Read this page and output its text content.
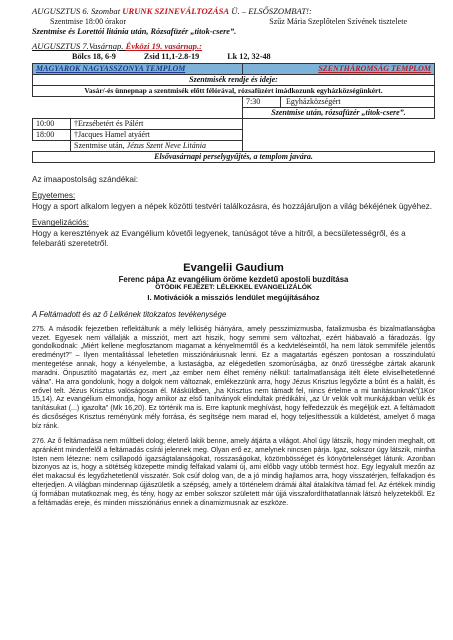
AUGUSZTUS 6. Szombat URUNK SZINEVÁLTOZÁSA Ü. – ELSŐSZOMBAT!:
Szentmise 18:00 órakor	Szűz Mária Szeplőtelen Szívének tisztelete
Szentmise és Lorettói litánia után, Rózsafüzér „titok-csere”.
AUGUSZTUS 7.Vasárnap. Évközi 19. vasárnap.:
Bölcs 18, 6-9	Zsid 11,1-2.8-19	Lk 12, 32-48
MAGYAROK NAGYASSZONYA TEMPLOM		SZENTHÁROMSÁG TEMPLOM
Szentmisék rendje és ideje:		
Vasár/-és ünnepnap a szentmisék előtt félórával, rózsafüzért imádkozunk egyházközségünkért.		
		7:30 Egyházközségért
		Szentmise után, rózsafüzér „titok-csere”.
10:00	†Erzsébetért és Pálért	
18:00	†Jacques Hamel atyáért	
	Szentmise után, Jézus Szent Neve Litánia	
Elsővasárnapi perselygyűjtés, a templom javára.		
Az imaapostolság szándékai:
Egyetemes:
Hogy a sport alkalom legyen a népek közötti testvéri találkozásra, és hozzájáruljon a világ békéjének ügyéhez.
Evangelizációs:
Hogy a keresztények az Evangélium követői legyenek, tanúságot téve a hitről, a becsületességről, és a felebaráti szeretetről.
Evangelii Gaudium
Ferenc pápa Az evangélium öröme kezdetű apostoli buzdítása
ÖTÖDIK FEJEZET: LÉLEKKEL EVANGELIZÁLÓK
I. Motivációk a missziós lendület megújításához
A Feltámadott és az ő Lelkének titokzatos tevékenysége
275. A második fejezetben reflektáltunk a mély lelkiség hiányára, amely pesszimizmusba, fatalizmusba és bizalmatlanságba vezet. Egyesek nem vállalják a missziót, mert azt hiszik, hogy semmi sem változhat, ezért hiábavaló a fáradozás. Így gondolkodnak: „Miért kellene megfosztanom magamat a kényelmemtől és a kedvteléseimtől, ha nem látok semmiféle jelentős eredményt?” – Ilyen mentalitással lehetetlen missziónáriusnak lenni. Ez a magatartás egészen pontosan a rosszindulatú mentegetése annak, hogy a kényelembe, a lustaságba, az elégedetlen szomorúságba, az önző ürességbe zártak akarunk maradni. Önpusztító magatartás ez, mert „az ember nem élhet remény nélkül: tartalmatlansága itélt élete elviselhetetlenné válna”. Ha arra gondolunk, hogy a dolgok nem változnak, emlékezzünk arra, hogy Jézus Krisztus legyőzte a bűnt és a halált, és erővel telt. Jézus Krisztus valóságosan él. Másküldben, „ha Krisztus nem támadt fel, nincs értelme a mi tanításunknak”(1Kor 15,14). Az evangélium elmondja, hogy amikor az első tanítványok elindultak prédikálni, „az Úr velük volt munkájukban velük és tanításukat (...) igazolta” (Mk 16,20). Ez történik ma is. Erre kaptunk meghívást, hogy felfedezzük és megéljük ezt. A feltámadott és dicsőséges Krisztus reményünk mély forrása, és segítsége nem marad el, hogy teljesíthessük a küldetést, amelyet ő maga bíz ránk.
276. Az ő feltámadása nem múltbeli dolog; életerő lakik benne, amely átjárta a világot. Ahol úgy látszik, hogy minden meghalt, ott apránként mindenfelől a feltámadás csírái jelennek meg. Olyan erő ez, amelynek nincsen párja. Igaz, sokszor úgy látszik, mintha Isten nem létezne: nem csillapodó igazságtalanságokat, rosszaságokat, közömbösséget és könyörtelenséget látunk. Azonban bizonyos az is, hogy a sötétség közepette mindig felfakad valami új, ami előbb vagy utóbb termést hoz. Egy legyalult mezőn az élet makacsul és legyőzhetetlenül visszatér. Sok csúf dolog van, de a jó mindig hajlamos arra, hogy visszatérjen, felfakadjon és elterjedjen. A világban mindennap újjászületik a szépség, amely a történelem drámái által átalakítva támad fel. Az értékek mindig új formában mutatkoznak meg, és tény, hogy az ember sokszor született már újjá visszafordíthatatlannak látszó helyzetekből. Ez a feltámadás ereje, és minden missziónárius ennek a dinamizmusnak az eszköze.
